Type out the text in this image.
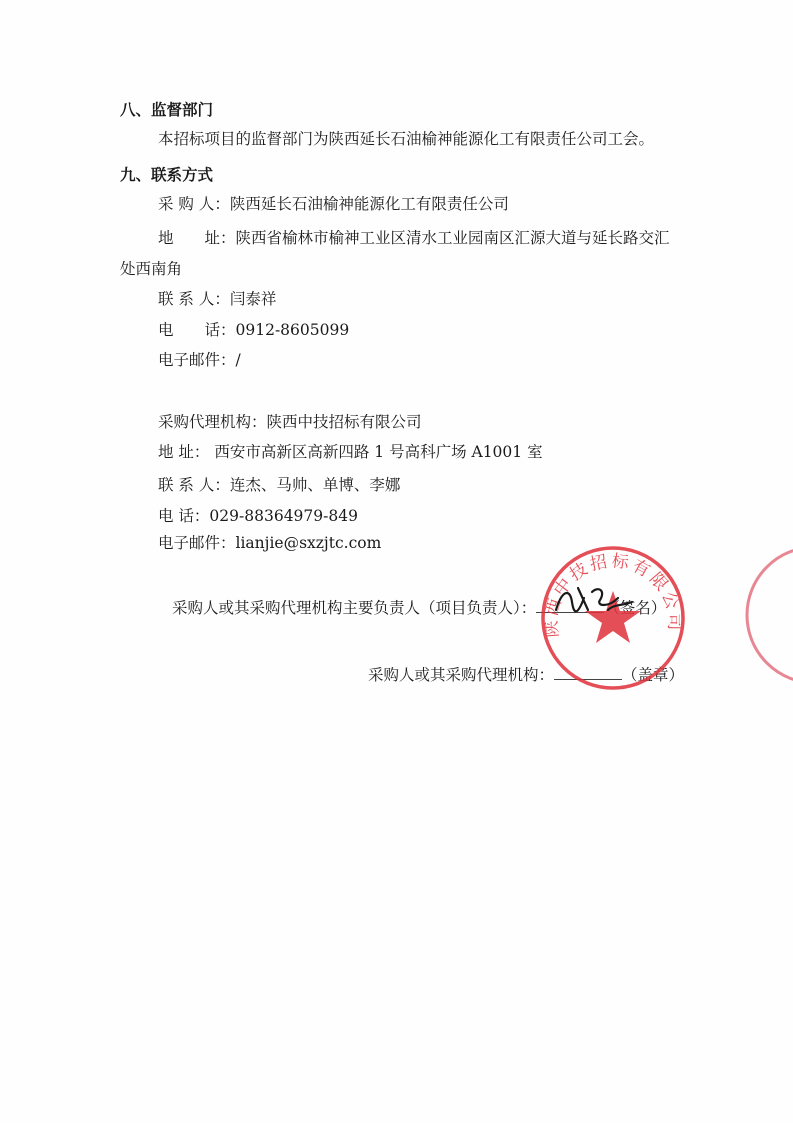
八、监督部门
本招标项目的监督部门为陕西延长石油榆神能源化工有限责任公司工会。
九、联系方式
采 购 人：陕西延长石油榆神能源化工有限责任公司
地　　址：陕西省榆林市榆神工业区清水工业园南区汇源大道与延长路交汇
处西南角
联 系 人：闫泰祥
电　　话：0912-8605099
电子邮件：/
采购代理机构：陕西中技招标有限公司
地 址： 西安市高新区高新四路 1 号高科广场 A1001 室
联 系 人：连杰、马帅、单博、李娜
电 话：029-88364979-849
电子邮件：lianjie@sxzjtc.com
采购人或其采购代理机构主要负责人（项目负责人）：	（签名）
采购人或其采购代理机构：	（盖章）
陕西中技招标有限公司
